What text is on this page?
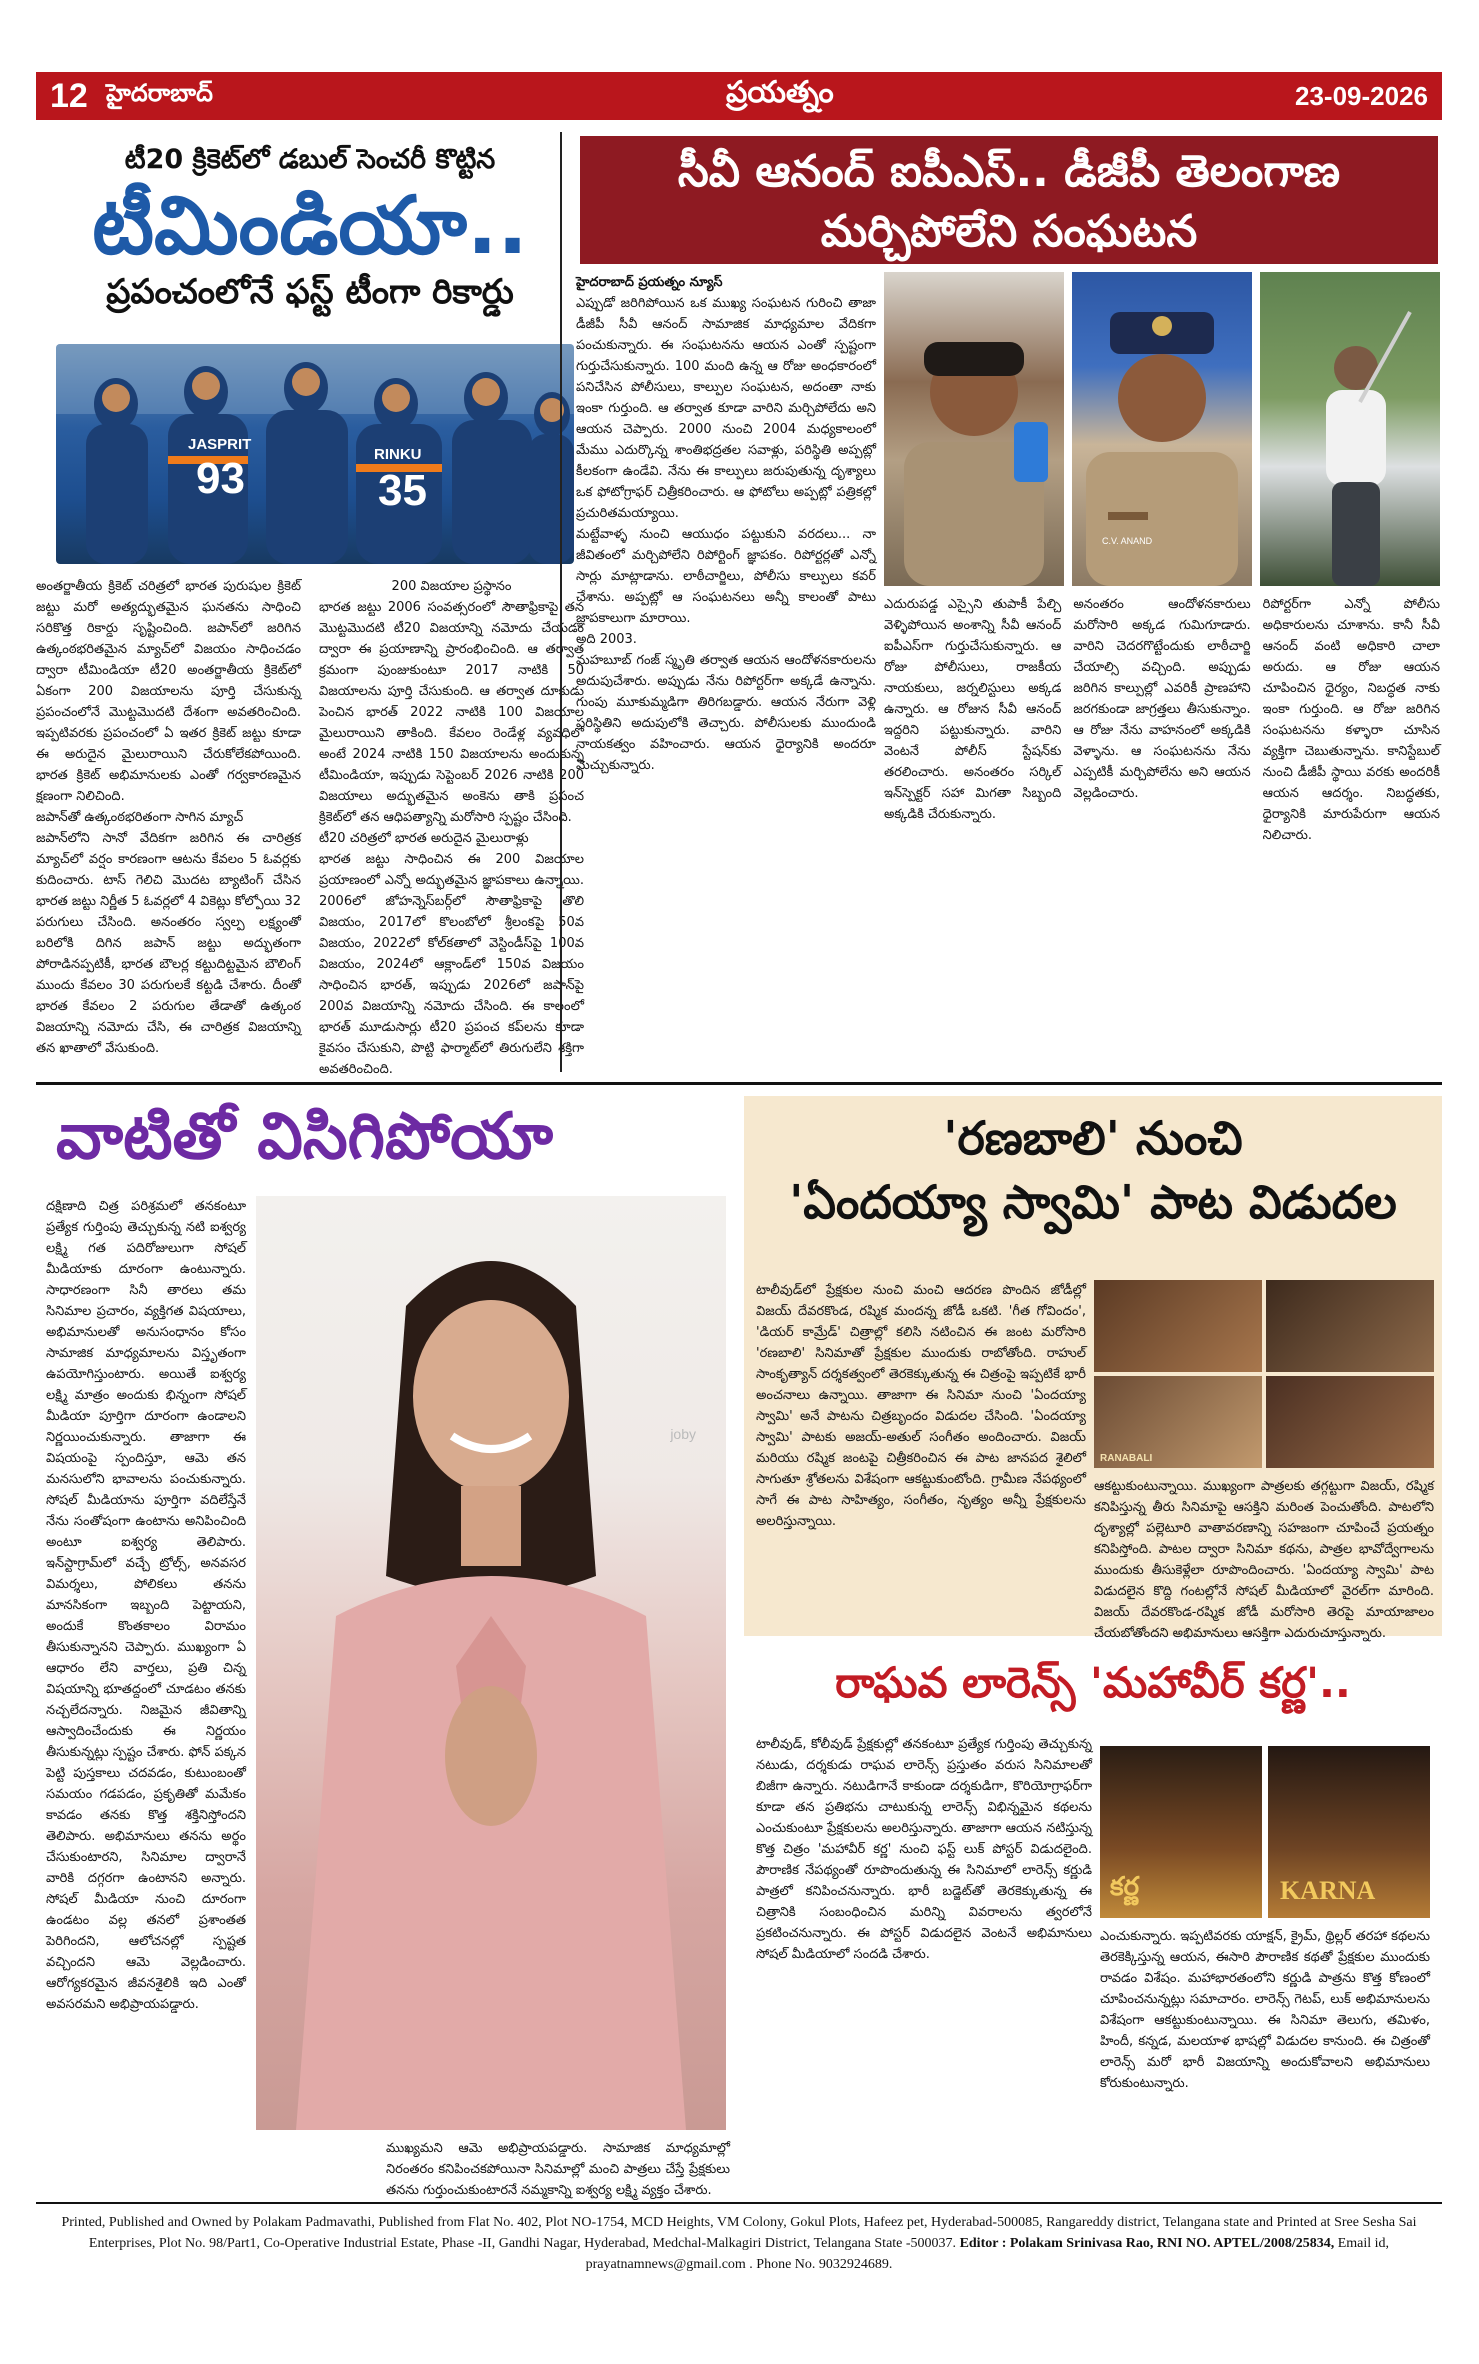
12 హైదరాబాద్	ప్రయత్నం	23-09-2026
టీ20 క్రికెట్‌లో డబుల్ సెంచరీ కొట్టిన
టీమిండియా..
ప్రపంచంలోనే ఫస్ట్ టీంగా రికార్డు
JASPRIT
93	RINKU
35

అంతర్జాతీయ క్రికెట్ చరిత్రలో భారత పురుషుల క్రికెట్ జట్టు మరో అత్యద్భుతమైన ఘనతను సాధించి సరికొత్త రికార్డు సృష్టించింది. జపాన్‌లో జరిగిన ఉత్కంఠభరితమైన మ్యాచ్‌లో విజయం సాధించడం ద్వారా టీమిండియా టీ20 అంతర్జాతీయ క్రికెట్‌లో ఏకంగా 200 విజయాలను పూర్తి చేసుకున్న ప్రపంచంలోనే మొట్టమొదటి దేశంగా అవతరించింది. ఇప్పటివరకు ప్రపంచంలో ఏ ఇతర క్రికెట్ జట్టు కూడా ఈ అరుదైన మైలురాయిని చేరుకోలేకపోయింది. భారత క్రికెట్ అభిమానులకు ఎంతో గర్వకారణమైన క్షణంగా నిలిచింది.

జపాన్‌తో ఉత్కంఠభరితంగా సాగిన మ్యాచ్

జపాన్‌లోని సానో వేదికగా జరిగిన ఈ చారిత్రక మ్యాచ్‌లో వర్షం కారణంగా ఆటను కేవలం 5 ఓవర్లకు కుదించారు. టాస్ గెలిచి మొదట బ్యాటింగ్ చేసిన భారత జట్టు నిర్ణీత 5 ఓవర్లలో 4 వికెట్లు కోల్పోయి 32 పరుగులు చేసింది. అనంతరం స్వల్ప లక్ష్యంతో బరిలోకి దిగిన జపాన్ జట్టు అద్భుతంగా పోరాడినప్పటికీ, భారత బౌలర్ల కట్టుదిట్టమైన బౌలింగ్ ముందు కేవలం 30 పరుగులకే కట్టడి చేశారు. దీంతో భారత కేవలం 2 పరుగుల తేడాతో ఉత్కంఠ విజయాన్ని నమోదు చేసి, ఈ చారిత్రక విజయాన్ని తన ఖాతాలో వేసుకుంది.

200 విజయాల ప్రస్థానం

భారత జట్టు 2006 సంవత్సరంలో సౌతాఫ్రికాపై తన మొట్టమొదటి టీ20 విజయాన్ని నమోదు చేయడం ద్వారా ఈ ప్రయాణాన్ని ప్రారంభించింది. ఆ తర్వాత క్రమంగా పుంజుకుంటూ 2017 నాటికి 50 విజయాలను పూర్తి చేసుకుంది. ఆ తర్వాత దూకుడు పెంచిన భారత్ 2022 నాటికి 100 విజయాల మైలురాయిని తాకింది. కేవలం రెండేళ్ల వ్యవధిలో అంటే 2024 నాటికి 150 విజయాలను అందుకున్న టీమిండియా, ఇప్పుడు సెప్టెంబర్ 2026 నాటికి 200 విజయాలు అద్భుతమైన అంకెను తాకి ప్రపంచ క్రికెట్‌లో తన ఆధిపత్యాన్ని మరోసారి స్పష్టం చేసింది.

టీ20 చరిత్రలో భారత అరుదైన మైలురాళ్లు

భారత జట్టు సాధించిన ఈ 200 విజయాల ప్రయాణంలో ఎన్నో అద్భుతమైన జ్ఞాపకాలు ఉన్నాయి. 2006లో జోహన్నెస్‌బర్గ్‌లో సౌతాఫ్రికాపై తొలి విజయం, 2017లో కొలంబోలో శ్రీలంకపై 50వ విజయం, 2022లో కోల్‌కతాలో వెస్టిండీస్‌పై 100వ విజయం, 2024లో ఆక్లాండ్‌లో 150వ విజయం సాధించిన భారత్, ఇప్పుడు 2026లో జపాన్‌పై 200వ విజయాన్ని నమోదు చేసింది. ఈ కాలంలో భారత్ మూడుసార్లు టీ20 ప్రపంచ కప్‌లను కూడా కైవసం చేసుకుని, పొట్టి ఫార్మాట్‌లో తిరుగులేని శక్తిగా అవతరించింది.

సీవీ ఆనంద్ ఐపీఎస్.. డీజీపీ తెలంగాణ
మర్చిపోలేని సంఘటన

హైదరాబాద్ ప్రయత్నం న్యూస్

ఎప్పుడో జరిగిపోయిన ఒక ముఖ్య సంఘటన గురించి తాజా డీజీపీ సీవీ ఆనంద్ సామాజిక మాధ్యమాల వేదికగా పంచుకున్నారు. ఈ సంఘటనను ఆయన ఎంతో స్పష్టంగా గుర్తుచేసుకున్నారు. 100 మంది ఉన్న ఆ రోజు అంధకారంలో పనిచేసిన పోలీసులు, కాల్పుల సంఘటన, అదంతా నాకు ఇంకా గుర్తుంది. ఆ తర్వాత కూడా వారిని మర్చిపోలేదు అని ఆయన చెప్పారు. 2000 నుంచి 2004 మధ్యకాలంలో మేము ఎదుర్కొన్న శాంతిభద్రతల సవాళ్లు, పరిస్థితి అప్పట్లో కీలకంగా ఉండేవి. నేను ఈ కాల్పులు జరుపుతున్న దృశ్యాలు ఒక ఫోటోగ్రాఫర్ చిత్రీకరించారు. ఆ ఫోటోలు అప్పట్లో పత్రికల్లో ప్రచురితమయ్యాయి.

మట్టేవాళ్ళ నుంచి ఆయుధం పట్టుకుని వరదలు... నా జీవితంలో మర్చిపోలేని రిపోర్టింగ్ జ్ఞాపకం. రిపోర్టర్లతో ఎన్నో సార్లు మాట్లాడాను. లాఠీచార్జిలు, పోలీసు కాల్పులు కవర్ చేశాను. అప్పట్లో ఆ సంఘటనలు అన్నీ కాలంతో పాటు జ్ఞాపకాలుగా మారాయి.

అది 2003.

మహబూబ్ గంజ్ స్మృతి తర్వాత ఆయన ఆందోళనకారులను అదుపుచేశారు. అప్పుడు నేను రిపోర్టర్‌గా అక్కడే ఉన్నాను. గుంపు మూకుమ్మడిగా తిరిగబడ్డారు. ఆయన నేరుగా వెళ్లి పరిస్థితిని అదుపులోకి తెచ్చారు. పోలీసులకు ముందుండి నాయకత్వం వహించారు. ఆయన ధైర్యానికి అందరూ మెచ్చుకున్నారు.

C.V. ANAND

ఎదురుపడ్డ ఎస్సైని తుపాకీ పేల్చి వెళ్ళిపోయిన అంశాన్ని సీవీ ఆనంద్ ఐపీఎస్‌గా గుర్తుచేసుకున్నారు. ఆ రోజు పోలీసులు, రాజకీయ నాయకులు, జర్నలిస్టులు అక్కడ ఉన్నారు. ఆ రోజున సీవీ ఆనంద్ ఇద్దరిని పట్టుకున్నారు. వారిని వెంటనే పోలీస్ స్టేషన్‌కు తరలించారు. అనంతరం సర్కిల్ ఇన్‌స్పెక్టర్ సహా మిగతా సిబ్బంది అక్కడికి చేరుకున్నారు.

అనంతరం ఆందోళనకారులు మరోసారి అక్కడ గుమిగూడారు. వారిని చెదరగొట్టేందుకు లాఠీచార్జి చేయాల్సి వచ్చింది. అప్పుడు జరిగిన కాల్పుల్లో ఎవరికీ ప్రాణహాని జరగకుండా జాగ్రత్తలు తీసుకున్నాం. ఆ రోజు నేను వాహనంలో అక్కడికి వెళ్ళాను. ఆ సంఘటనను నేను ఎప్పటికీ మర్చిపోలేను అని ఆయన వెల్లడించారు.

రిపోర్టర్‌గా ఎన్నో పోలీసు అధికారులను చూశాను. కానీ సీవీ ఆనంద్ వంటి అధికారి చాలా అరుదు. ఆ రోజు ఆయన చూపించిన ధైర్యం, నిబద్ధత నాకు ఇంకా గుర్తుంది. ఆ రోజు జరిగిన సంఘటనను కళ్ళారా చూసిన వ్యక్తిగా చెబుతున్నాను. కానిస్టేబుల్ నుంచి డీజీపీ స్థాయి వరకు అందరికీ ఆయన ఆదర్శం. నిబద్ధతకు, ధైర్యానికి మారుపేరుగా ఆయన నిలిచారు.

వాటితో విసిగిపోయా

దక్షిణాది చిత్ర పరిశ్రమలో తనకంటూ ప్రత్యేక గుర్తింపు తెచ్చుకున్న నటి ఐశ్వర్య లక్ష్మి గత పదిరోజులుగా సోషల్ మీడియాకు దూరంగా ఉంటున్నారు. సాధారణంగా సినీ తారలు తమ సినిమాల ప్రచారం, వ్యక్తిగత విషయాలు, అభిమానులతో అనుసంధానం కోసం సామాజిక మాధ్యమాలను విస్తృతంగా ఉపయోగిస్తుంటారు. అయితే ఐశ్వర్య లక్ష్మి మాత్రం అందుకు భిన్నంగా సోషల్ మీడియా పూర్తిగా దూరంగా ఉండాలని నిర్ణయించుకున్నారు. తాజాగా ఈ విషయంపై స్పందిస్తూ, ఆమె తన మనసులోని భావాలను పంచుకున్నారు. సోషల్ మీడియాను పూర్తిగా వదిలేస్తేనే నేను సంతోషంగా ఉంటాను అనిపించింది అంటూ ఐశ్వర్య తెలిపారు. ఇన్‌స్టాగ్రామ్‌లో వచ్చే ట్రోల్స్, అనవసర విమర్శలు, పోలికలు తనను మానసికంగా ఇబ్బంది పెట్టాయని, అందుకే కొంతకాలం విరామం తీసుకున్నానని చెప్పారు. ముఖ్యంగా ఏ ఆధారం లేని వార్తలు, ప్రతి చిన్న విషయాన్ని భూతద్దంలో చూడటం తనకు నచ్చలేదన్నారు. నిజమైన జీవితాన్ని ఆస్వాదించేందుకు ఈ నిర్ణయం తీసుకున్నట్లు స్పష్టం చేశారు. ఫోన్ పక్కన పెట్టి పుస్తకాలు చదవడం, కుటుంబంతో సమయం గడపడం, ప్రకృతితో మమేకం కావడం తనకు కొత్త శక్తినిస్తోందని తెలిపారు. అభిమానులు తనను అర్థం చేసుకుంటారని, సినిమాల ద్వారానే వారికి దగ్గరగా ఉంటానని అన్నారు. సోషల్ మీడియా నుంచి దూరంగా ఉండటం వల్ల తనలో ప్రశాంతత పెరిగిందని, ఆలోచనల్లో స్పష్టత వచ్చిందని ఆమె వెల్లడించారు. ఆరోగ్యకరమైన జీవనశైలికి ఇది ఎంతో అవసరమని అభిప్రాయపడ్డారు.

joby

ముఖ్యమని ఆమె అభిప్రాయపడ్డారు. సామాజిక మాధ్యమాల్లో నిరంతరం కనిపించకపోయినా సినిమాల్లో మంచి పాత్రలు చేస్తే ప్రేక్షకులు తనను గుర్తుంచుకుంటారనే నమ్మకాన్ని ఐశ్వర్య లక్ష్మి వ్యక్తం చేశారు.

'రణబాలి' నుంచి
'ఏందయ్యా స్వామి' పాట విడుదల

టాలీవుడ్‌లో ప్రేక్షకుల నుంచి మంచి ఆదరణ పొందిన జోడీల్లో విజయ్ దేవరకొండ, రష్మిక మందన్న జోడీ ఒకటి. 'గీత గోవిందం', 'డియర్ కామ్రేడ్' చిత్రాల్లో కలిసి నటించిన ఈ జంట మరోసారి 'రణబాలి' సినిమాతో ప్రేక్షకుల ముందుకు రాబోతోంది. రాహుల్ సాంకృత్యాన్ దర్శకత్వంలో తెరకెక్కుతున్న ఈ చిత్రంపై ఇప్పటికే భారీ అంచనాలు ఉన్నాయి. తాజాగా ఈ సినిమా నుంచి 'ఏందయ్యా స్వామి' అనే పాటను చిత్రబృందం విడుదల చేసింది. 'ఏందయ్యా స్వామి' పాటకు అజయ్-అతుల్ సంగీతం అందించారు. విజయ్ మరియు రష్మిక జంటపై చిత్రీకరించిన ఈ పాట జానపద శైలిలో సాగుతూ శ్రోతలను విశేషంగా ఆకట్టుకుంటోంది. గ్రామీణ నేపథ్యంలో సాగే ఈ పాట సాహిత్యం, సంగీతం, నృత్యం అన్నీ ప్రేక్షకులను అలరిస్తున్నాయి.

RANABALI

ఆకట్టుకుంటున్నాయి. ముఖ్యంగా పాత్రలకు తగ్గట్టుగా విజయ్, రష్మిక కనిపిస్తున్న తీరు సినిమాపై ఆసక్తిని మరింత పెంచుతోంది. పాటలోని దృశ్యాల్లో పల్లెటూరి వాతావరణాన్ని సహజంగా చూపించే ప్రయత్నం కనిపిస్తోంది. పాటల ద్వారా సినిమా కథను, పాత్రల భావోద్వేగాలను ముందుకు తీసుకెళ్లేలా రూపొందించారు. 'ఏందయ్యా స్వామి' పాట విడుదలైన కొద్ది గంటల్లోనే సోషల్ మీడియాలో వైరల్‌గా మారింది. విజయ్ దేవరకొండ-రష్మిక జోడీ మరోసారి తెరపై మాయాజాలం చేయబోతోందని అభిమానులు ఆసక్తిగా ఎదురుచూస్తున్నారు.

రాఘవ లారెన్స్ 'మహావీర్ కర్ణ'..

టాలీవుడ్, కోలీవుడ్ ప్రేక్షకుల్లో తనకంటూ ప్రత్యేక గుర్తింపు తెచ్చుకున్న నటుడు, దర్శకుడు రాఘవ లారెన్స్ ప్రస్తుతం వరుస సినిమాలతో బిజీగా ఉన్నారు. నటుడిగానే కాకుండా దర్శకుడిగా, కొరియోగ్రాఫర్‌గా కూడా తన ప్రతిభను చాటుకున్న లారెన్స్ విభిన్నమైన కథలను ఎంచుకుంటూ ప్రేక్షకులను అలరిస్తున్నారు. తాజాగా ఆయన నటిస్తున్న కొత్త చిత్రం 'మహావీర్ కర్ణ' నుంచి ఫస్ట్ లుక్ పోస్టర్ విడుదలైంది. పౌరాణిక నేపథ్యంతో రూపొందుతున్న ఈ సినిమాలో లారెన్స్ కర్ణుడి పాత్రలో కనిపించనున్నారు. భారీ బడ్జెట్‌తో తెరకెక్కుతున్న ఈ చిత్రానికి సంబంధించిన మరిన్ని వివరాలను త్వరలోనే ప్రకటించనున్నారు. ఈ పోస్టర్ విడుదలైన వెంటనే అభిమానులు సోషల్ మీడియాలో సందడి చేశారు.

కర్ణ	KARNA

ఎంచుకున్నారు. ఇప్పటివరకు యాక్షన్, క్రైమ్, థ్రిల్లర్ తరహా కథలను తెరకెక్కిస్తున్న ఆయన, ఈసారి పౌరాణిక కథతో ప్రేక్షకుల ముందుకు రావడం విశేషం. మహాభారతంలోని కర్ణుడి పాత్రను కొత్త కోణంలో చూపించనున్నట్లు సమాచారం. లారెన్స్ గెటప్, లుక్ అభిమానులను విశేషంగా ఆకట్టుకుంటున్నాయి. ఈ సినిమా తెలుగు, తమిళం, హిందీ, కన్నడ, మలయాళ భాషల్లో విడుదల కానుంది. ఈ చిత్రంతో లారెన్స్ మరో భారీ విజయాన్ని అందుకోవాలని అభిమానులు కోరుకుంటున్నారు.

Printed, Published and Owned by Polakam Padmavathi, Published from Flat No. 402, Plot NO-1754, MCD Heights, VM Colony, Gokul Plots, Hafeez pet, Hyderabad-500085, Rangareddy district, Telangana state and Printed at Sree Sesha Sai Enterprises, Plot No. 98/Part1, Co-Operative Industrial Estate, Phase -II, Gandhi Nagar, Hyderabad, Medchal-Malkagiri District, Telangana State -500037. Editor : Polakam Srinivasa Rao, RNI NO. APTEL/2008/25834, Email id, prayatnamnews@gmail.com . Phone No. 9032924689.
